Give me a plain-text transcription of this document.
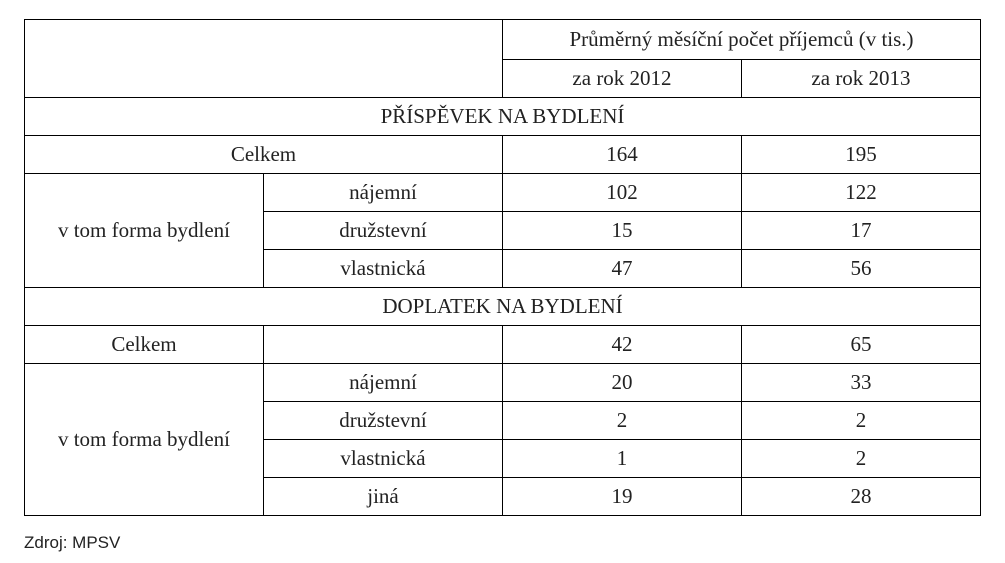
		Průměrný měsíční počet příjemců (v tis.)	
		za rok 2012	za rok 2013
PŘÍSPĚVEK NA BYDLENÍ			
Celkem		164	195
v tom forma bydlení	nájemní	102	122
	družstevní	15	17
	vlastnická	47	56
DOPLATEK NA BYDLENÍ			
Celkem		42	65
v tom forma bydlení	nájemní	20	33
	družstevní	2	2
	vlastnická	1	2
	jiná	19	28
Zdroj: MPSV
